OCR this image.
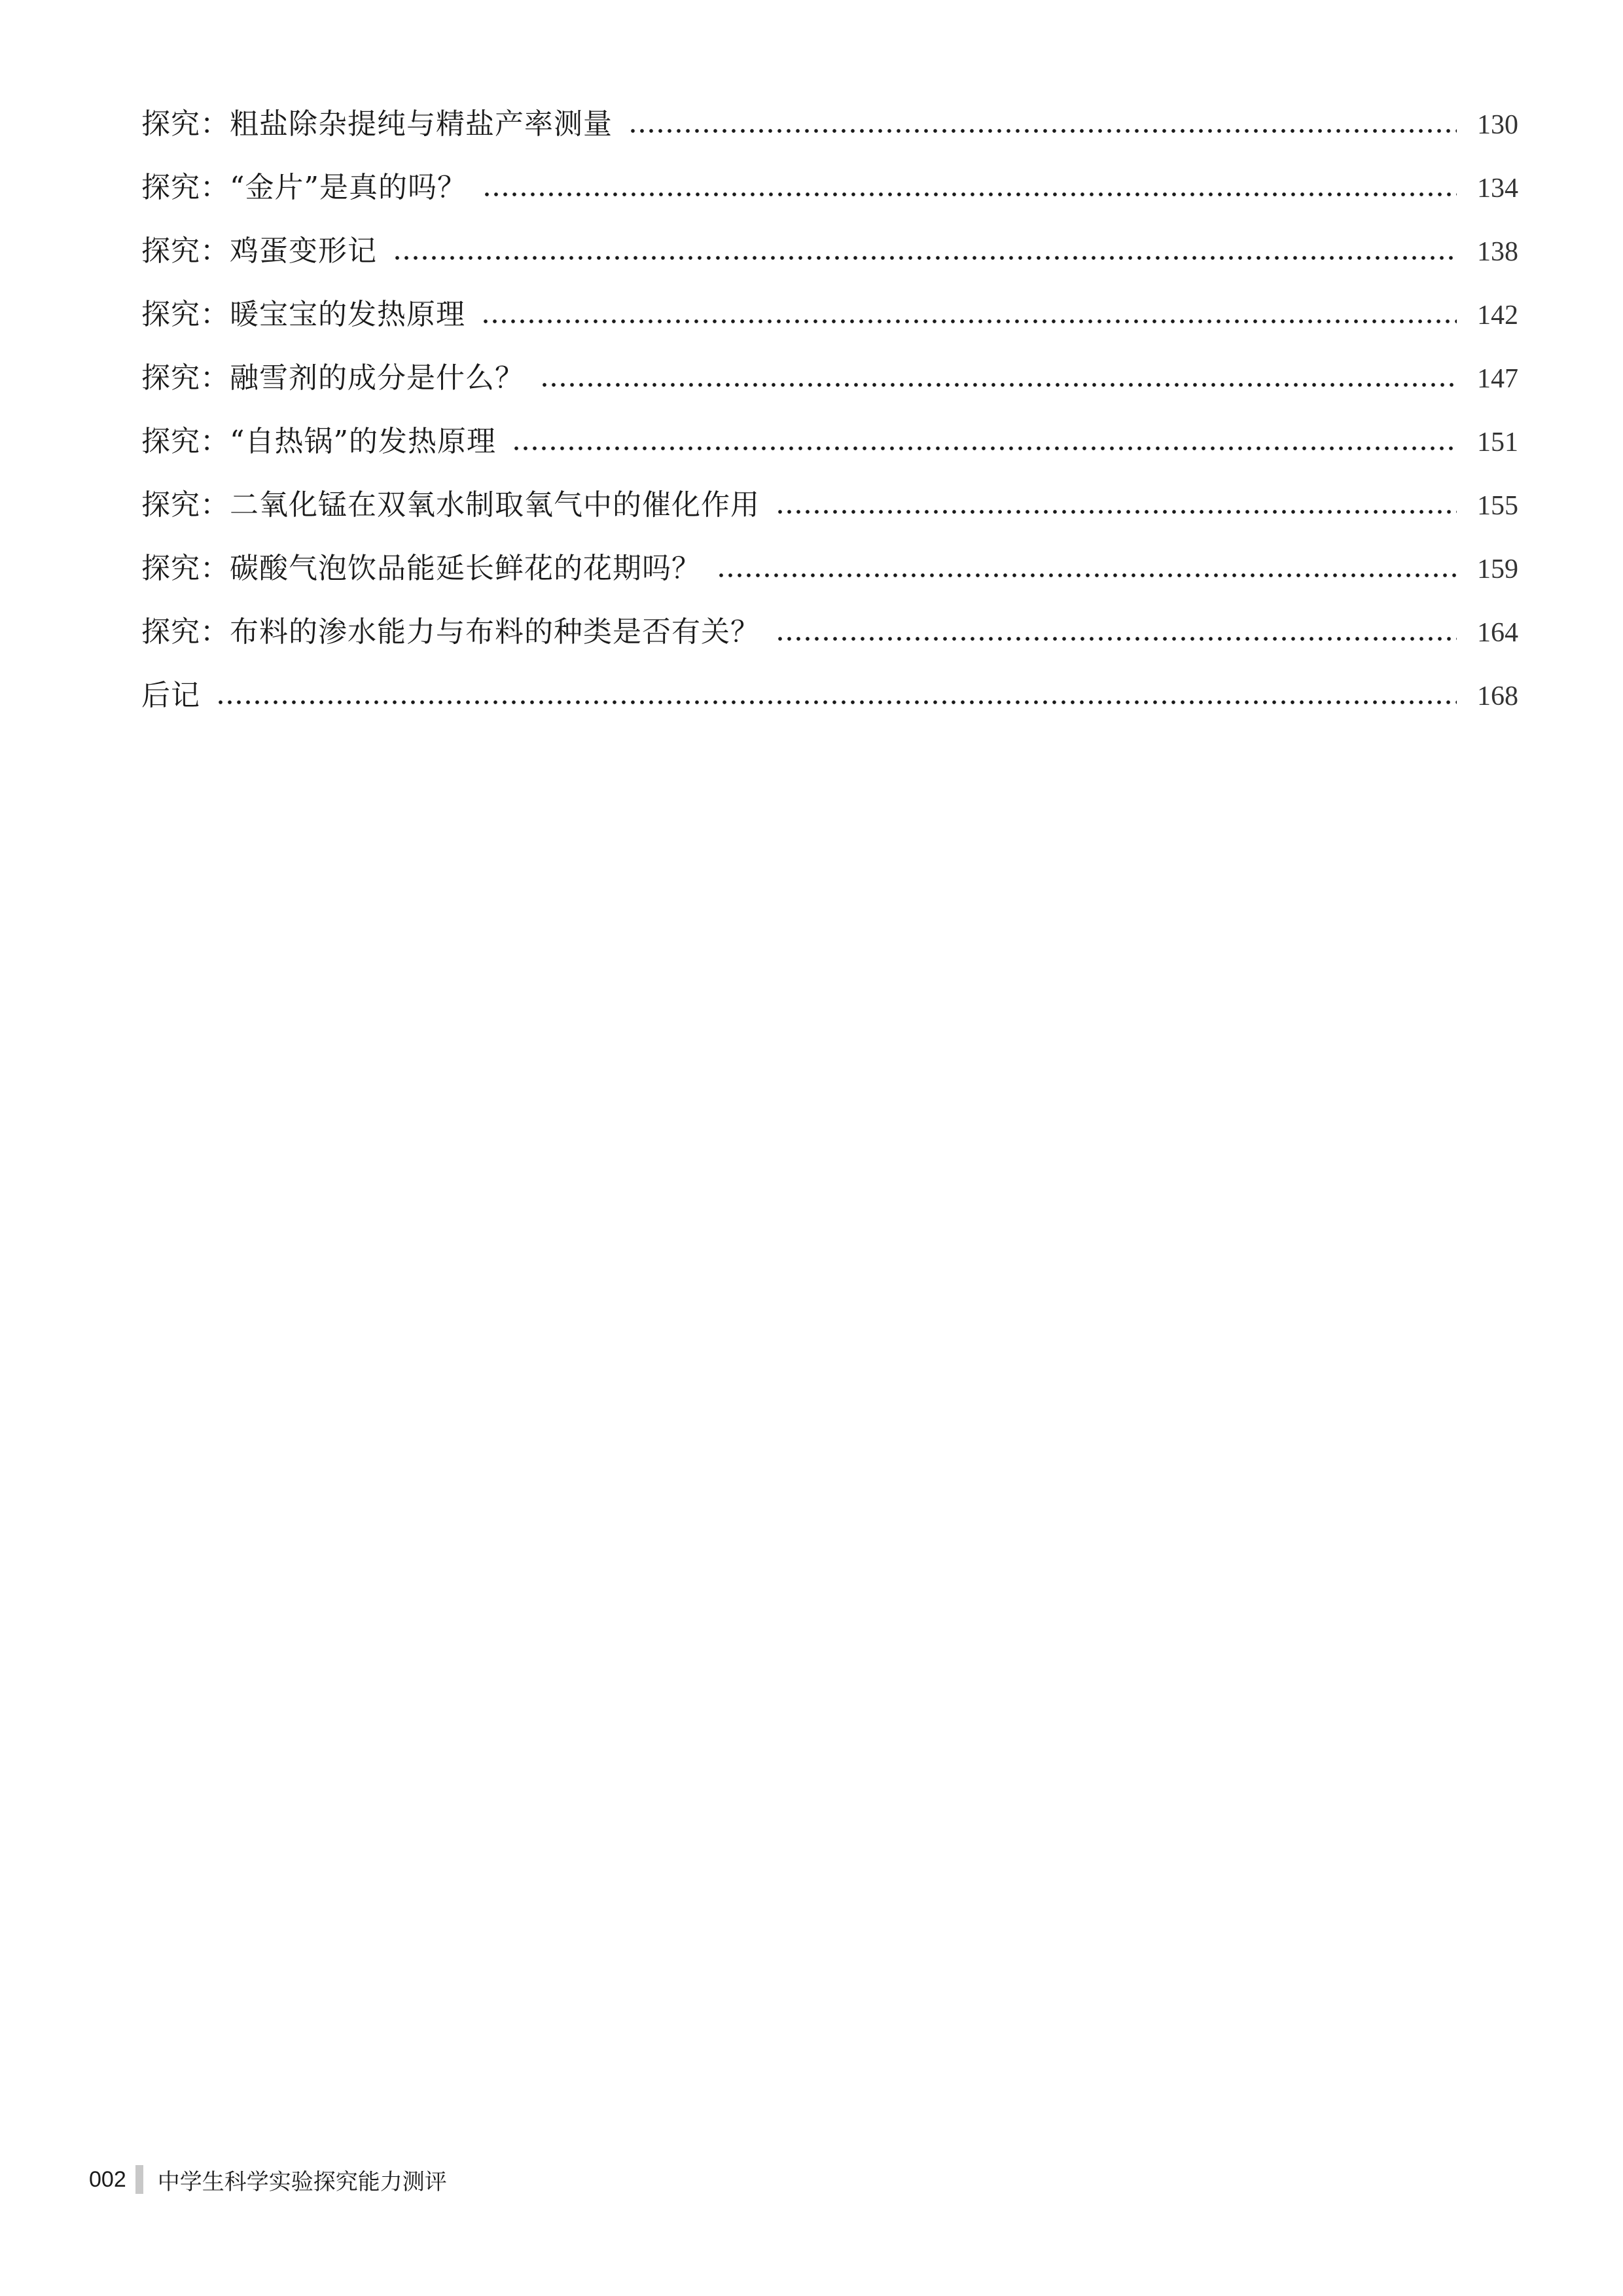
探究：粗盐除杂提纯与精盐产率测量	130
探究：“金片”是真的吗？	134
探究：鸡蛋变形记	138
探究：暖宝宝的发热原理	142
探究：融雪剂的成分是什么？	147
探究：“自热锅”的发热原理	151
探究：二氧化锰在双氧水制取氧气中的催化作用	155
探究：碳酸气泡饮品能延长鲜花的花期吗？	159
探究：布料的渗水能力与布料的种类是否有关？	164
后记	168
002 中学生科学实验探究能力测评
